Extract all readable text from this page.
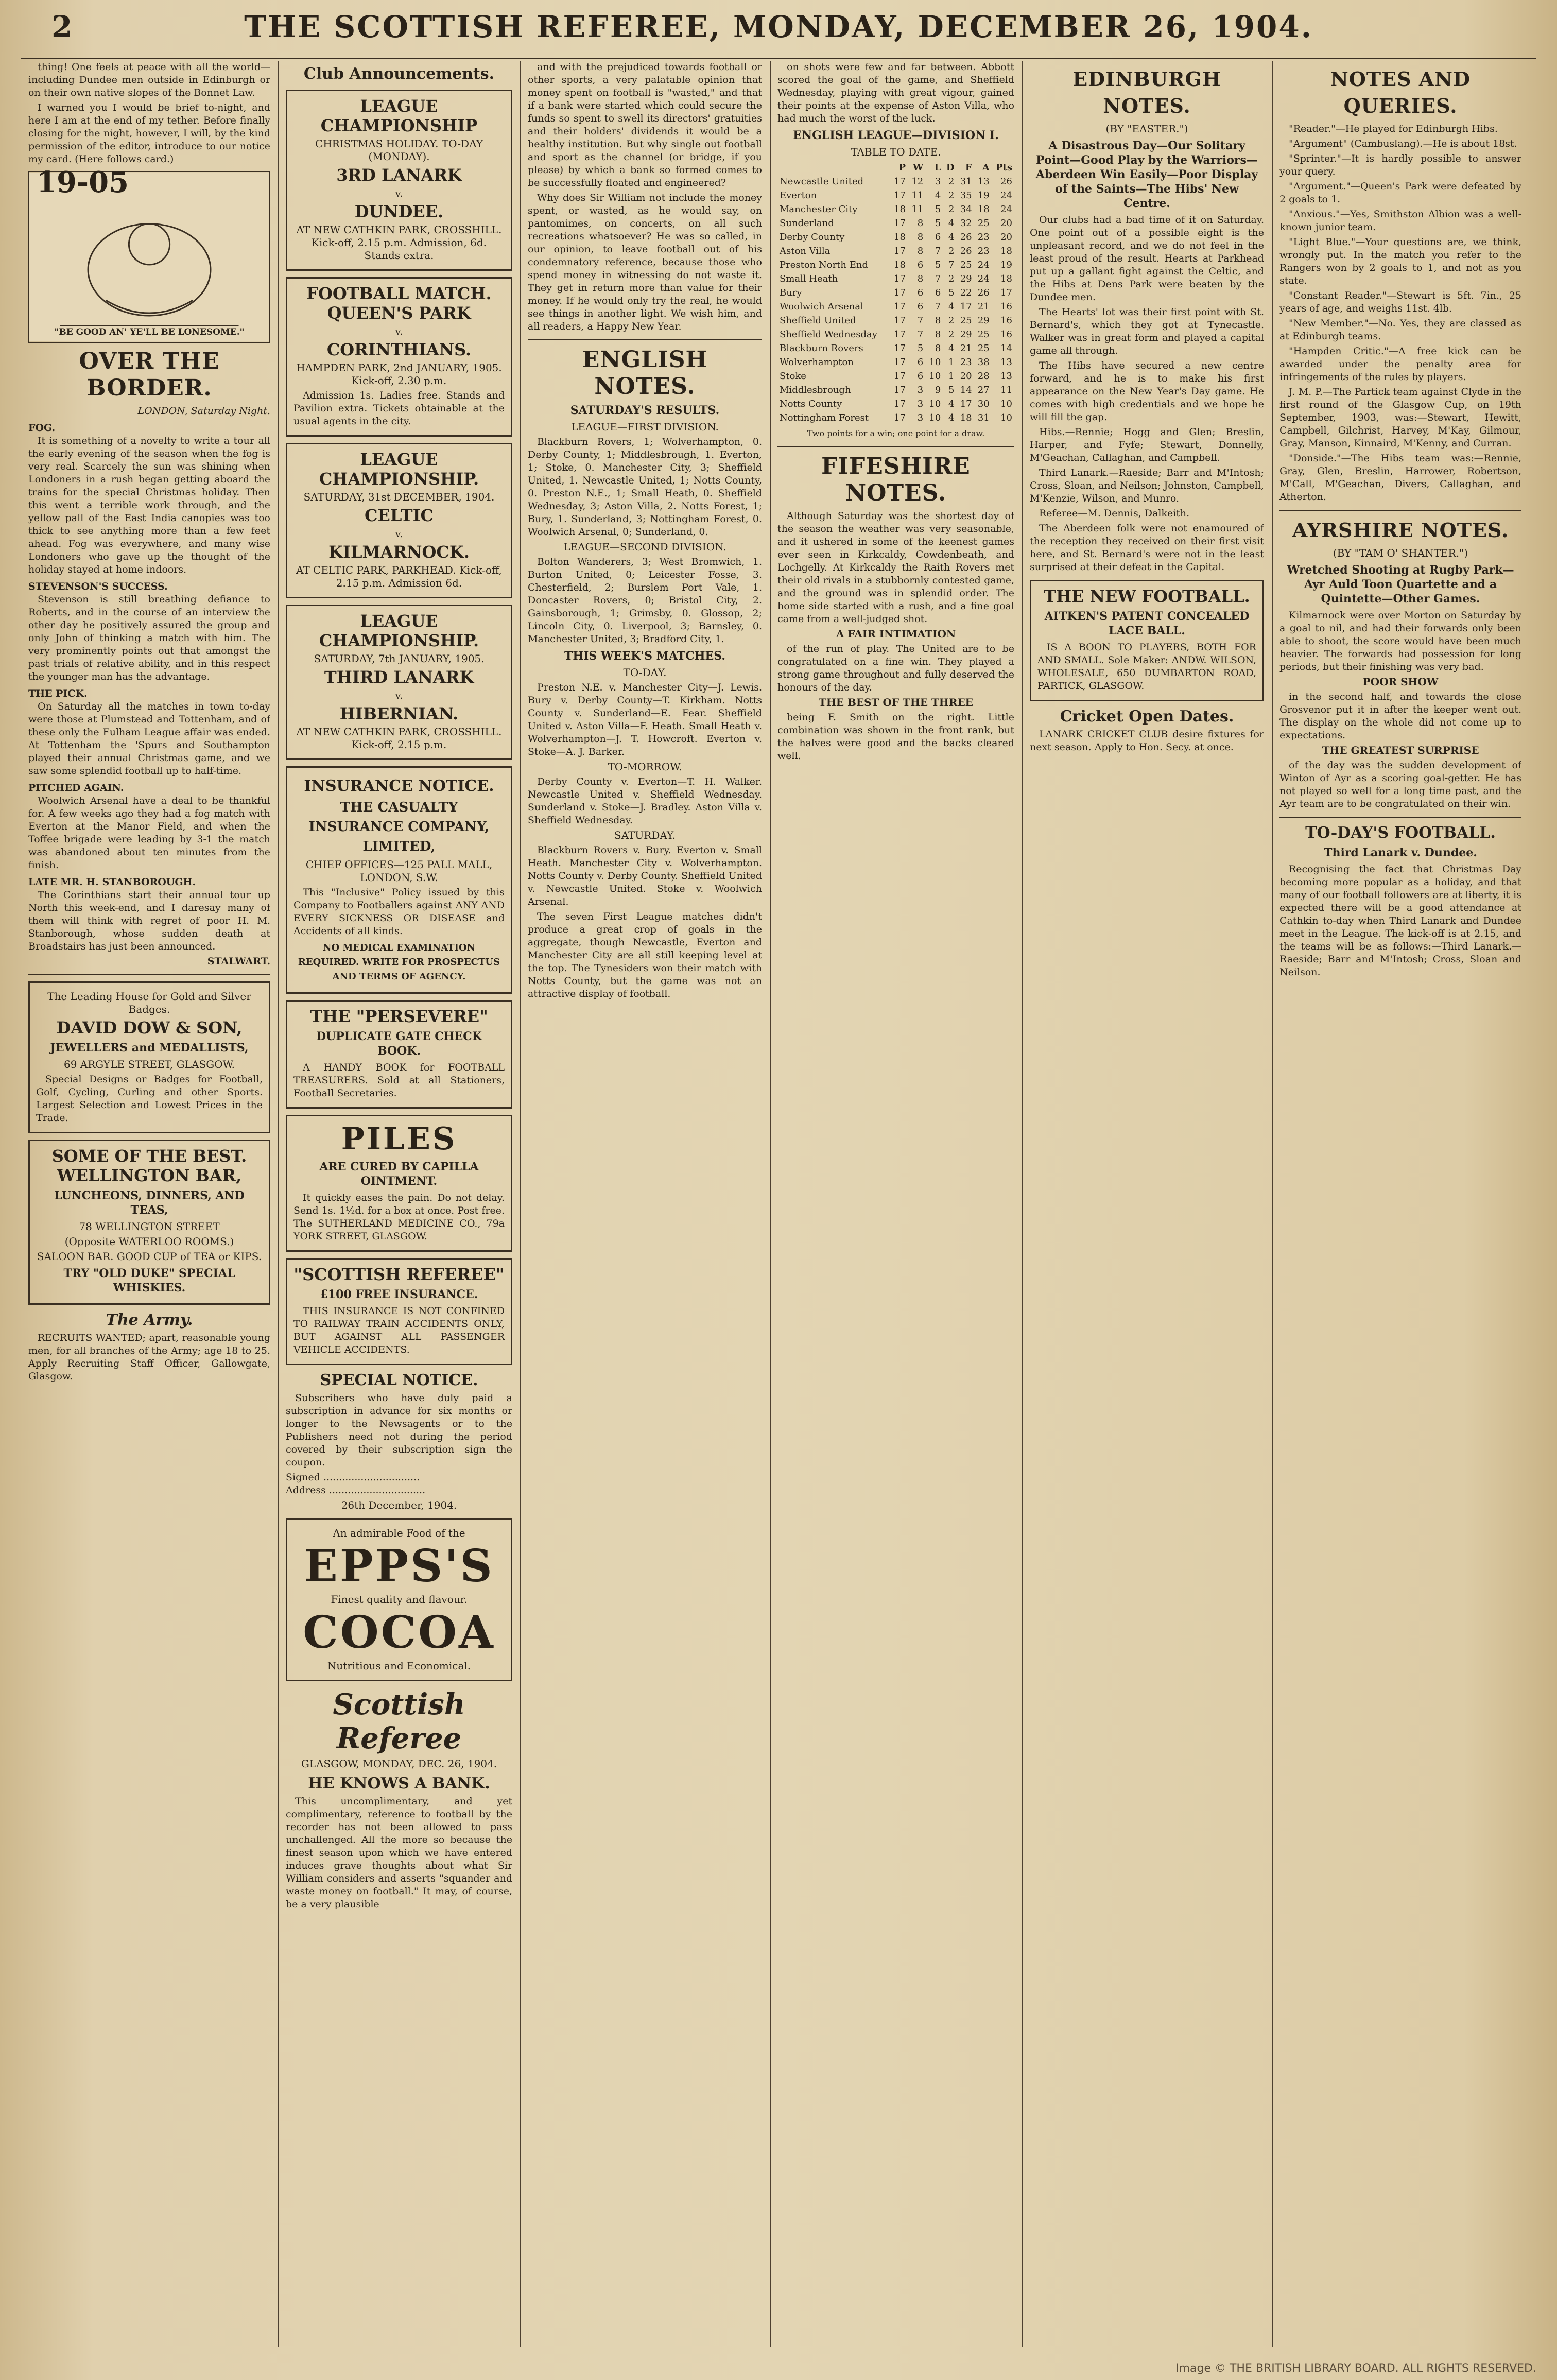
2	THE SCOTTISH REFEREE, MONDAY, DECEMBER 26, 1904.

thing! One feels at peace with all the world—including Dundee men outside in Edinburgh or on their own native slopes of the Bonnet Law.

I warned you I would be brief to-night, and here I am at the end of my tether. Before finally closing for the night, however, I will, by the kind permission of the editor, introduce to our notice my card. (Here follows card.)

19-05
"BE GOOD AN' YE'LL BE LONESOME."
OVER THE BORDER.
LONDON, Saturday Night.
FOG.

It is something of a novelty to write a tour all the early evening of the season when the fog is very real. Scarcely the sun was shining when Londoners in a rush began getting aboard the trains for the special Christmas holiday. Then this went a terrible work through, and the yellow pall of the East India canopies was too thick to see anything more than a few feet ahead. Fog was everywhere, and many wise Londoners who gave up the thought of the holiday stayed at home indoors.

STEVENSON'S SUCCESS.

Stevenson is still breathing defiance to Roberts, and in the course of an interview the other day he positively assured the group and only John of thinking a match with him. The very prominently points out that amongst the past trials of relative ability, and in this respect the younger man has the advantage.

THE PICK.

On Saturday all the matches in town to-day were those at Plumstead and Tottenham, and of these only the Fulham League affair was ended. At Tottenham the 'Spurs and Southampton played their annual Christmas game, and we saw some splendid football up to half-time.

PITCHED AGAIN.

Woolwich Arsenal have a deal to be thankful for. A few weeks ago they had a fog match with Everton at the Manor Field, and when the Toffee brigade were leading by 3-1 the match was abandoned about ten minutes from the finish.

LATE MR. H. STANBOROUGH.

The Corinthians start their annual tour up North this week-end, and I daresay many of them will think with regret of poor H. M. Stanborough, whose sudden death at Broadstairs has just been announced.

STALWART.
The Leading House for Gold and Silver Badges.
DAVID DOW & SON,
JEWELLERS and MEDALLISTS,
69 ARGYLE STREET, GLASGOW.

Special Designs or Badges for Football, Golf, Cycling, Curling and other Sports. Largest Selection and Lowest Prices in the Trade.

SOME OF THE BEST.
WELLINGTON BAR,
LUNCHEONS, DINNERS, AND TEAS,
78 WELLINGTON STREET
(Opposite WATERLOO ROOMS.)
SALOON BAR. GOOD CUP of TEA or KIPS.
TRY "OLD DUKE" SPECIAL WHISKIES.
The Army.

RECRUITS WANTED; apart, reasonable young men, for all branches of the Army; age 18 to 25. Apply Recruiting Staff Officer, Gallowgate, Glasgow.

Club Announcements.
LEAGUE CHAMPIONSHIP
CHRISTMAS HOLIDAY. TO-DAY (MONDAY).
3RD LANARK
v.
DUNDEE.
AT NEW CATHKIN PARK, CROSSHILL. Kick-off, 2.15 p.m. Admission, 6d. Stands extra.
FOOTBALL MATCH.
QUEEN'S PARK
v.
CORINTHIANS.
HAMPDEN PARK, 2nd JANUARY, 1905. Kick-off, 2.30 p.m.

Admission 1s. Ladies free. Stands and Pavilion extra. Tickets obtainable at the usual agents in the city.

LEAGUE CHAMPIONSHIP.
SATURDAY, 31st DECEMBER, 1904.
CELTIC
v.
KILMARNOCK.
AT CELTIC PARK, PARKHEAD. Kick-off, 2.15 p.m. Admission 6d.
LEAGUE CHAMPIONSHIP.
SATURDAY, 7th JANUARY, 1905.
THIRD LANARK
v.
HIBERNIAN.
AT NEW CATHKIN PARK, CROSSHILL. Kick-off, 2.15 p.m.
INSURANCE NOTICE.
THE CASUALTY INSURANCE COMPANY, LIMITED,
CHIEF OFFICES—125 PALL MALL, LONDON, S.W.

This "Inclusive" Policy issued by this Company to Footballers against ANY AND EVERY SICKNESS OR DISEASE and Accidents of all kinds.

NO MEDICAL EXAMINATION REQUIRED. WRITE FOR PROSPECTUS AND TERMS OF AGENCY.
THE "PERSEVERE"
DUPLICATE GATE CHECK BOOK.

A HANDY BOOK for FOOTBALL TREASURERS. Sold at all Stationers, Football Secretaries.

PILES
ARE CURED BY CAPILLA OINTMENT.

It quickly eases the pain. Do not delay. Send 1s. 1½d. for a box at once. Post free. The SUTHERLAND MEDICINE CO., 79a YORK STREET, GLASGOW.

"SCOTTISH REFEREE"
£100 FREE INSURANCE.

THIS INSURANCE IS NOT CONFINED TO RAILWAY TRAIN ACCIDENTS ONLY, BUT AGAINST ALL PASSENGER VEHICLE ACCIDENTS.

SPECIAL NOTICE.

Subscribers who have duly paid a subscription in advance for six months or longer to the Newsagents or to the Publishers need not during the period covered by their subscription sign the coupon.

Signed ...............................
Address ...............................
26th December, 1904.
An admirable Food of the
EPPS'S
Finest quality and flavour.
COCOA
Nutritious and Economical.
Scottish Referee
GLASGOW, MONDAY, DEC. 26, 1904.
HE KNOWS A BANK.

This uncomplimentary, and yet complimentary, reference to football by the recorder has not been allowed to pass unchallenged. All the more so because the finest season upon which we have entered induces grave thoughts about what Sir William considers and asserts "squander and waste money on football." It may, of course, be a very plausible

and with the prejudiced towards football or other sports, a very palatable opinion that money spent on football is "wasted," and that if a bank were started which could secure the funds so spent to swell its directors' gratuities and their holders' dividends it would be a healthy institution. But why single out football and sport as the channel (or bridge, if you please) by which a bank so formed comes to be successfully floated and engineered?

Why does Sir William not include the money spent, or wasted, as he would say, on pantomimes, on concerts, on all such recreations whatsoever? He was so called, in our opinion, to leave football out of his condemnatory reference, because those who spend money in witnessing do not waste it. They get in return more than value for their money. If he would only try the real, he would see things in another light. We wish him, and all readers, a Happy New Year.

ENGLISH NOTES.
SATURDAY'S RESULTS.
LEAGUE—FIRST DIVISION.

Blackburn Rovers, 1; Wolverhampton, 0. Derby County, 1; Middlesbrough, 1. Everton, 1; Stoke, 0. Manchester City, 3; Sheffield United, 1. Newcastle United, 1; Notts County, 0. Preston N.E., 1; Small Heath, 0. Sheffield Wednesday, 3; Aston Villa, 2. Notts Forest, 1; Bury, 1. Sunderland, 3; Nottingham Forest, 0. Woolwich Arsenal, 0; Sunderland, 0.

LEAGUE—SECOND DIVISION.

Bolton Wanderers, 3; West Bromwich, 1. Burton United, 0; Leicester Fosse, 3. Chesterfield, 2; Burslem Port Vale, 1. Doncaster Rovers, 0; Bristol City, 2. Gainsborough, 1; Grimsby, 0. Glossop, 2; Lincoln City, 0. Liverpool, 3; Barnsley, 0. Manchester United, 3; Bradford City, 1.

THIS WEEK'S MATCHES.
TO-DAY.

Preston N.E. v. Manchester City—J. Lewis. Bury v. Derby County—T. Kirkham. Notts County v. Sunderland—E. Fear. Sheffield United v. Aston Villa—F. Heath. Small Heath v. Wolverhampton—J. T. Howcroft. Everton v. Stoke—A. J. Barker.

TO-MORROW.

Derby County v. Everton—T. H. Walker. Newcastle United v. Sheffield Wednesday. Sunderland v. Stoke—J. Bradley. Aston Villa v. Sheffield Wednesday.

SATURDAY.

Blackburn Rovers v. Bury. Everton v. Small Heath. Manchester City v. Wolverhampton. Notts County v. Derby County. Sheffield United v. Newcastle United. Stoke v. Woolwich Arsenal.

The seven First League matches didn't produce a great crop of goals in the aggregate, though Newcastle, Everton and Manchester City are all still keeping level at the top. The Tynesiders won their match with Notts County, but the game was not an attractive display of football.

on shots were few and far between. Abbott scored the goal of the game, and Sheffield Wednesday, playing with great vigour, gained their points at the expense of Aston Villa, who had much the worst of the luck.

ENGLISH LEAGUE—DIVISION I.
TABLE TO DATE.
	P	W	L	D	F	A	Pts
Newcastle United	17	12	3	2	31	13	26
Everton	17	11	4	2	35	19	24
Manchester City	18	11	5	2	34	18	24
Sunderland	17	8	5	4	32	25	20
Derby County	18	8	6	4	26	23	20
Aston Villa	17	8	7	2	26	23	18
Preston North End	18	6	5	7	25	24	19
Small Heath	17	8	7	2	29	24	18
Bury	17	6	6	5	22	26	17
Woolwich Arsenal	17	6	7	4	17	21	16
Sheffield United	17	7	8	2	25	29	16
Sheffield Wednesday	17	7	8	2	29	25	16
Blackburn Rovers	17	5	8	4	21	25	14
Wolverhampton	17	6	10	1	23	38	13
Stoke	17	6	10	1	20	28	13
Middlesbrough	17	3	9	5	14	27	11
Notts County	17	3	10	4	17	30	10
Nottingham Forest	17	3	10	4	18	31	10
Two points for a win; one point for a draw.
FIFESHIRE NOTES.

Although Saturday was the shortest day of the season the weather was very seasonable, and it ushered in some of the keenest games ever seen in Kirkcaldy, Cowdenbeath, and Lochgelly. At Kirkcaldy the Raith Rovers met their old rivals in a stubbornly contested game, and the ground was in splendid order. The home side started with a rush, and a fine goal came from a well-judged shot.

A FAIR INTIMATION

of the run of play. The United are to be congratulated on a fine win. They played a strong game throughout and fully deserved the honours of the day.

THE BEST OF THE THREE

being F. Smith on the right. Little combination was shown in the front rank, but the halves were good and the backs cleared well.

EDINBURGH NOTES.
(BY "EASTER.")
A Disastrous Day—Our Solitary Point—Good Play by the Warriors—Aberdeen Win Easily—Poor Display of the Saints—The Hibs' New Centre.

Our clubs had a bad time of it on Saturday. One point out of a possible eight is the unpleasant record, and we do not feel in the least proud of the result. Hearts at Parkhead put up a gallant fight against the Celtic, and the Hibs at Dens Park were beaten by the Dundee men.

The Hearts' lot was their first point with St. Bernard's, which they got at Tynecastle. Walker was in great form and played a capital game all through.

The Hibs have secured a new centre forward, and he is to make his first appearance on the New Year's Day game. He comes with high credentials and we hope he will fill the gap.

Hibs.—Rennie; Hogg and Glen; Breslin, Harper, and Fyfe; Stewart, Donnelly, M'Geachan, Callaghan, and Campbell.

Third Lanark.—Raeside; Barr and M'Intosh; Cross, Sloan, and Neilson; Johnston, Campbell, M'Kenzie, Wilson, and Munro.

Referee—M. Dennis, Dalkeith.

The Aberdeen folk were not enamoured of the reception they received on their first visit here, and St. Bernard's were not in the least surprised at their defeat in the Capital.

THE NEW FOOTBALL.
AITKEN'S PATENT CONCEALED LACE BALL.

IS A BOON TO PLAYERS, BOTH FOR AND SMALL. Sole Maker: ANDW. WILSON, WHOLESALE, 650 DUMBARTON ROAD, PARTICK, GLASGOW.

Cricket Open Dates.

LANARK CRICKET CLUB desire fixtures for next season. Apply to Hon. Secy. at once.

NOTES AND QUERIES.

"Reader."—He played for Edinburgh Hibs.

"Argument" (Cambuslang).—He is about 18st.

"Sprinter."—It is hardly possible to answer your query.

"Argument."—Queen's Park were defeated by 2 goals to 1.

"Anxious."—Yes, Smithston Albion was a well-known junior team.

"Light Blue."—Your questions are, we think, wrongly put. In the match you refer to the Rangers won by 2 goals to 1, and not as you state.

"Constant Reader."—Stewart is 5ft. 7in., 25 years of age, and weighs 11st. 4lb.

"New Member."—No. Yes, they are classed as at Edinburgh teams.

"Hampden Critic."—A free kick can be awarded under the penalty area for infringements of the rules by players.

J. M. P.—The Partick team against Clyde in the first round of the Glasgow Cup, on 19th September, 1903, was:—Stewart, Hewitt, Campbell, Gilchrist, Harvey, M'Kay, Gilmour, Gray, Manson, Kinnaird, M'Kenny, and Curran.

"Donside."—The Hibs team was:—Rennie, Gray, Glen, Breslin, Harrower, Robertson, M'Call, M'Geachan, Divers, Callaghan, and Atherton.

AYRSHIRE NOTES.
(BY "TAM O' SHANTER.")
Wretched Shooting at Rugby Park—Ayr Auld Toon Quartette and a Quintette—Other Games.

Kilmarnock were over Morton on Saturday by a goal to nil, and had their forwards only been able to shoot, the score would have been much heavier. The forwards had possession for long periods, but their finishing was very bad.

POOR SHOW

in the second half, and towards the close Grosvenor put it in after the keeper went out. The display on the whole did not come up to expectations.

THE GREATEST SURPRISE

of the day was the sudden development of Winton of Ayr as a scoring goal-getter. He has not played so well for a long time past, and the Ayr team are to be congratulated on their win.

TO-DAY'S FOOTBALL.
Third Lanark v. Dundee.

Recognising the fact that Christmas Day becoming more popular as a holiday, and that many of our football followers are at liberty, it is expected there will be a good attendance at Cathkin to-day when Third Lanark and Dundee meet in the League. The kick-off is at 2.15, and the teams will be as follows:—Third Lanark.—Raeside; Barr and M'Intosh; Cross, Sloan and Neilson.

Image © THE BRITISH LIBRARY BOARD. ALL RIGHTS RESERVED.
